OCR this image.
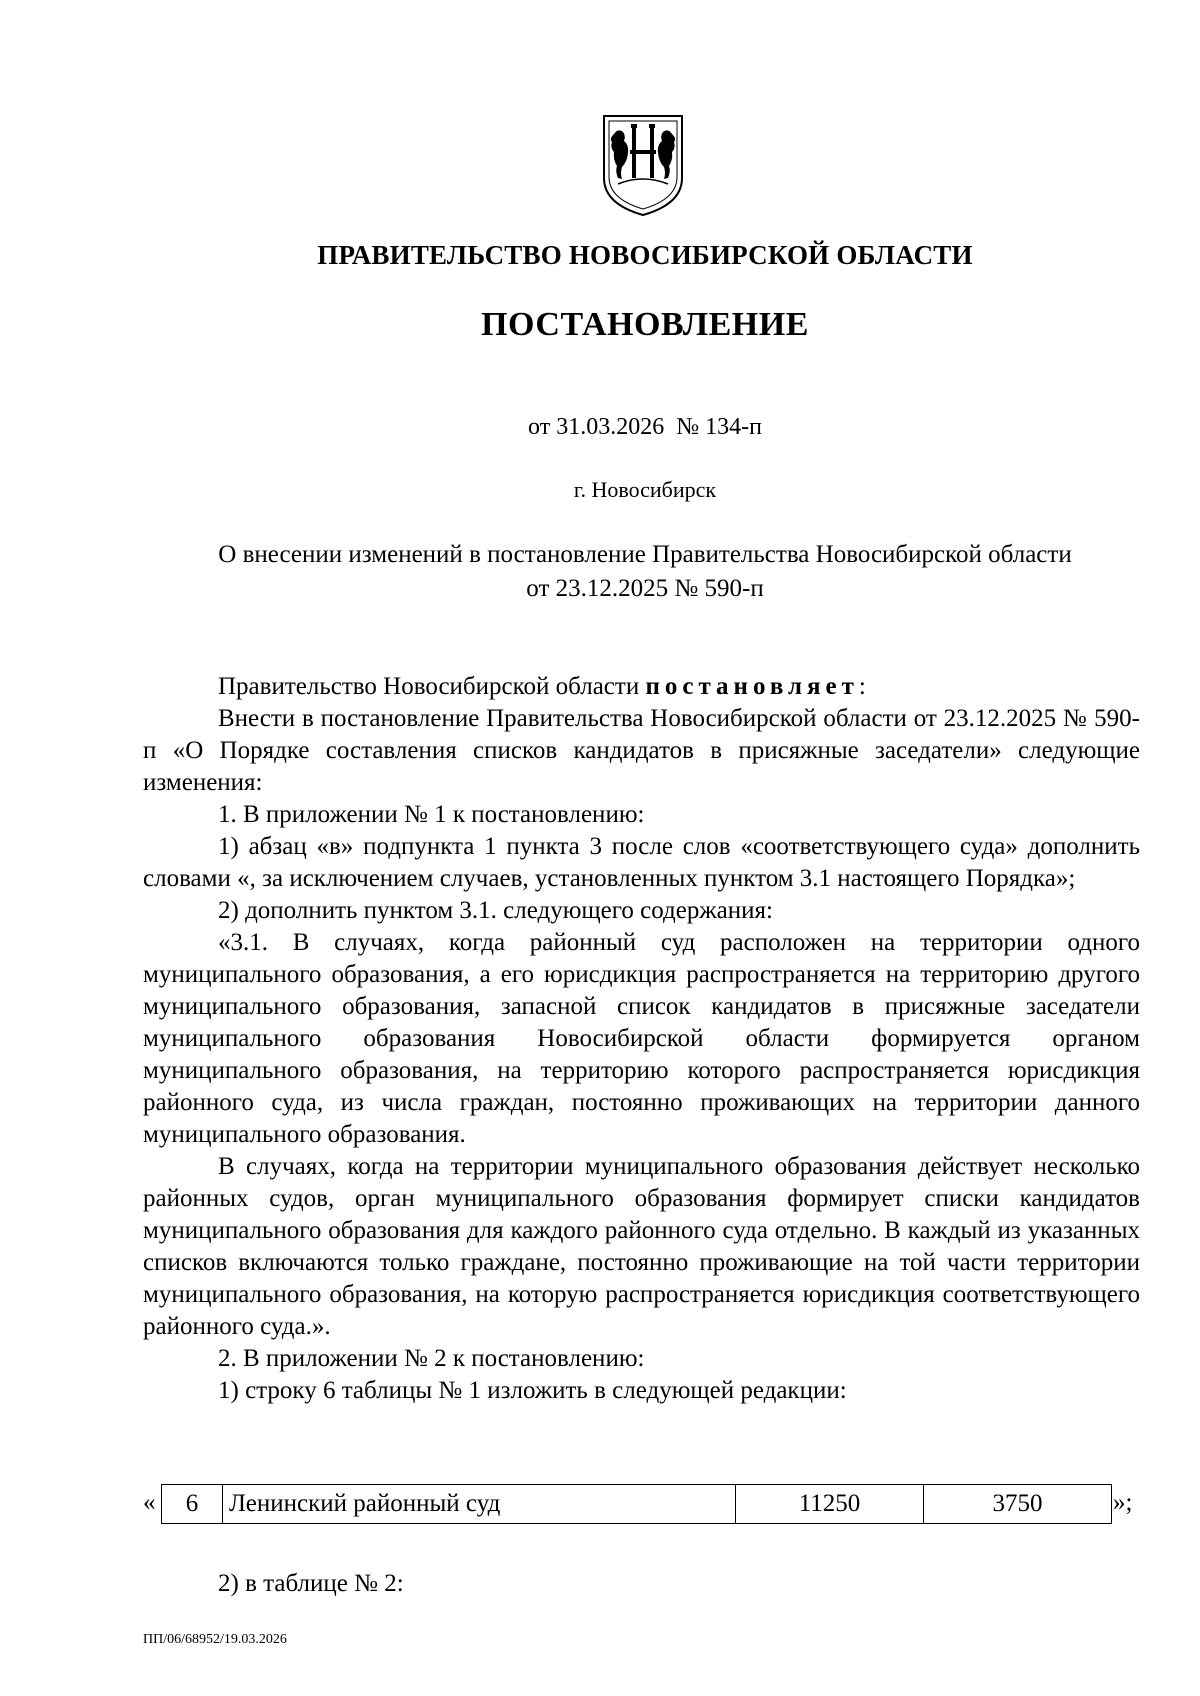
ПРАВИТЕЛЬСТВО НОВОСИБИРСКОЙ ОБЛАСТИ
ПОСТАНОВЛЕНИЕ
от 31.03.2026 № 134-п
г. Новосибирск
О внесении изменений в постановление Правительства Новосибирской области
от 23.12.2025 № 590-п

Правительство Новосибирской области постановляет:

Внести в постановление Правительства Новосибирской области от 23.12.2025 № 590-п «О Порядке составления списков кандидатов в присяжные заседатели» следующие изменения:

1. В приложении № 1 к постановлению:

1) абзац «в» подпункта 1 пункта 3 после слов «соответствующего суда» дополнить словами «, за исключением случаев, установленных пунктом 3.1 настоящего Порядка»;

2) дополнить пунктом 3.1. следующего содержания:

«3.1. В случаях, когда районный суд расположен на территории одного муниципального образования, а его юрисдикция распространяется на территорию другого муниципального образования, запасной список кандидатов в присяжные заседатели муниципального образования Новосибирской области формируется органом муниципального образования, на территорию которого распространяется юрисдикция районного суда, из числа граждан, постоянно проживающих на территории данного муниципального образования.

В случаях, когда на территории муниципального образования действует несколько районных судов, орган муниципального образования формирует списки кандидатов муниципального образования для каждого районного суда отдельно. В каждый из указанных списков включаются только граждане, постоянно проживающие на той части территории муниципального образования, на которую распространяется юрисдикция соответствующего районного суда.».

2. В приложении № 2 к постановлению:

1) строку 6 таблицы № 1 изложить в следующей редакции:

« 6	Ленинский районный суд	11250	3750	»;
2) в таблице № 2:
ПП/06/68952/19.03.2026
